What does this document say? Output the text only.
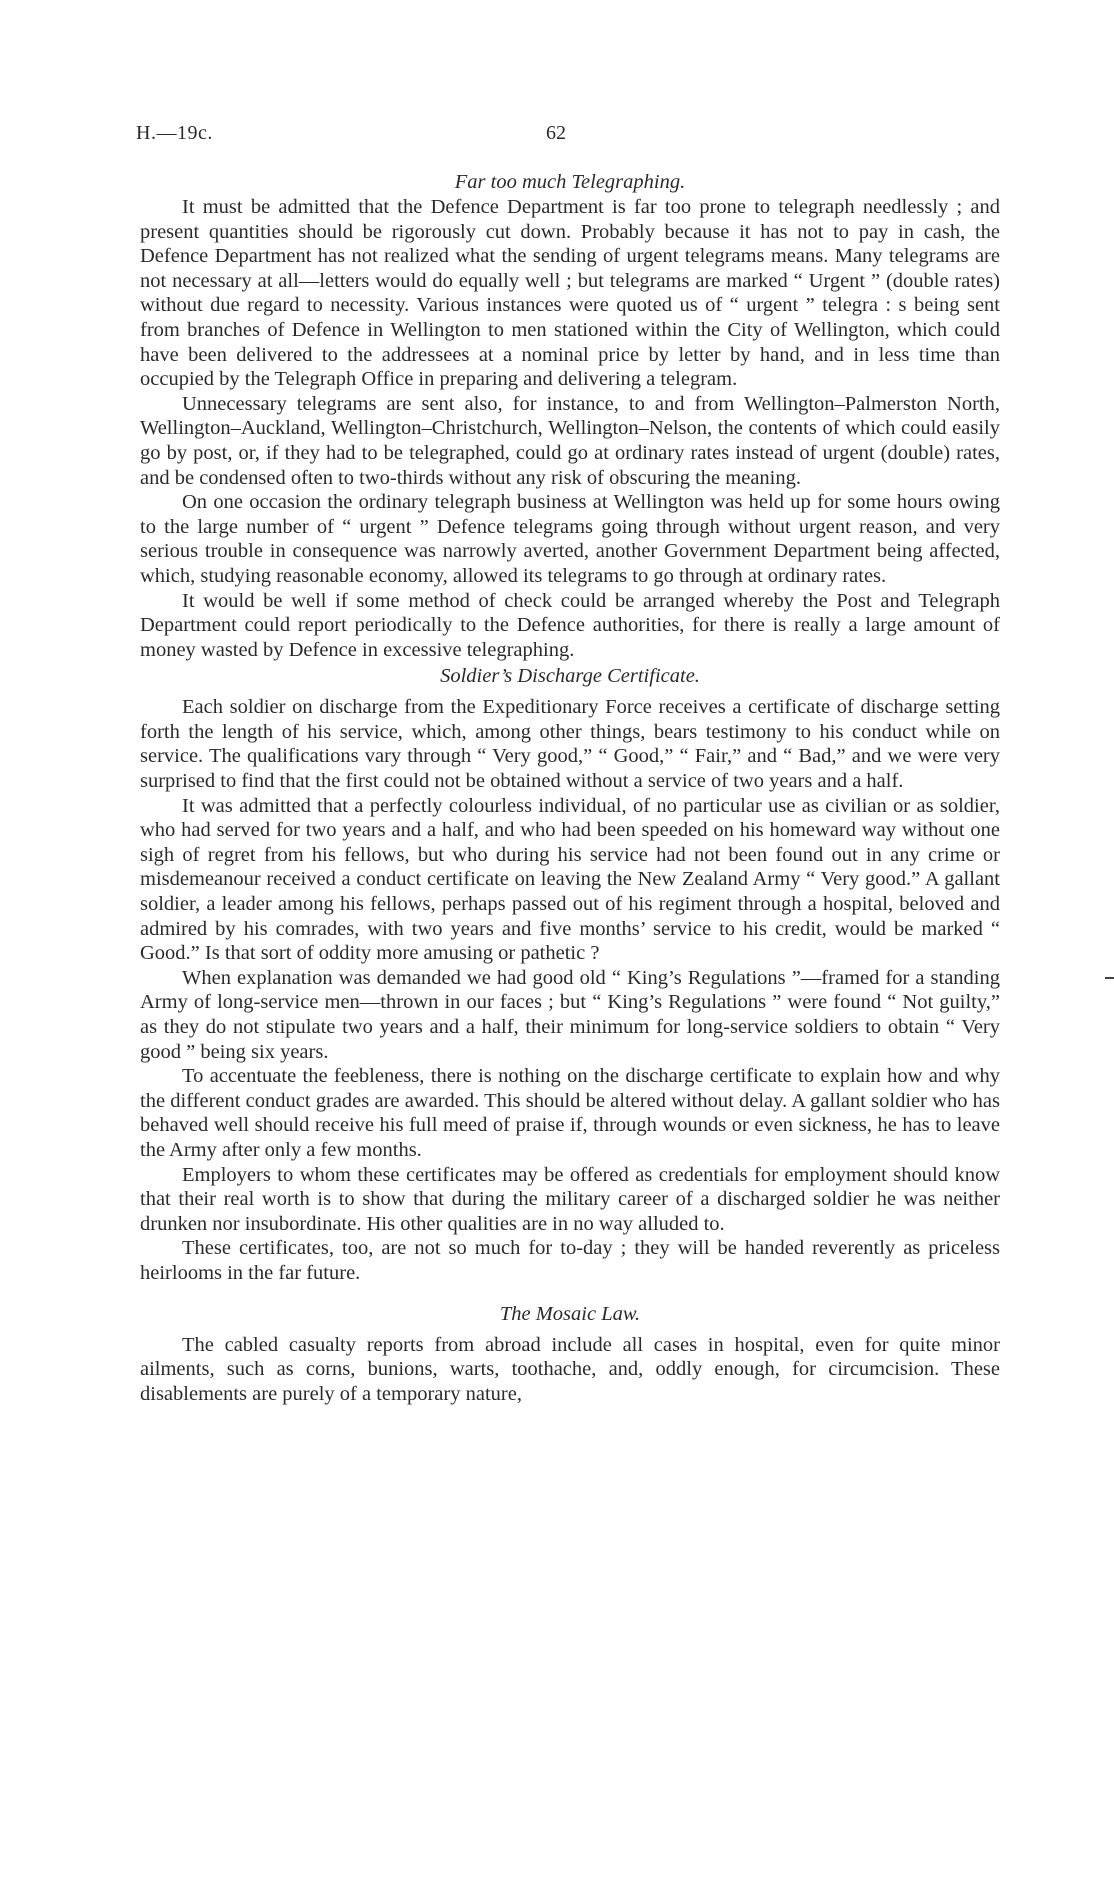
H.—19c.	62
Far too much Telegraphing.

It must be admitted that the Defence Department is far too prone to telegraph needlessly ; and present quantities should be rigorously cut down. Probably because it has not to pay in cash, the Defence Department has not realized what the sending of urgent telegrams means. Many telegrams are not necessary at all—letters would do equally well ; but telegrams are marked “ Urgent ” (double rates) without due regard to necessity. Various instances were quoted us of “ urgent ” telegra : s being sent from branches of Defence in Wellington to men stationed within the City of Wellington, which could have been delivered to the addressees at a nominal price by letter by hand, and in less time than occupied by the Telegraph Office in preparing and delivering a telegram.

Unnecessary telegrams are sent also, for instance, to and from Wellington–Palmerston North, Wellington–Auckland, Wellington–Christchurch, Wellington–Nelson, the contents of which could easily go by post, or, if they had to be telegraphed, could go at ordinary rates instead of urgent (double) rates, and be condensed often to two-thirds without any risk of obscuring the meaning.

On one occasion the ordinary telegraph business at Wellington was held up for some hours owing to the large number of “ urgent ” Defence telegrams going through without urgent reason, and very serious trouble in consequence was narrowly averted, another Government Department being affected, which, studying reasonable economy, allowed its telegrams to go through at ordinary rates.

It would be well if some method of check could be arranged whereby the Post and Telegraph Department could report periodically to the Defence authorities, for there is really a large amount of money wasted by Defence in excessive telegraphing.

Soldier’s Discharge Certificate.

Each soldier on discharge from the Expeditionary Force receives a certificate of discharge setting forth the length of his service, which, among other things, bears testimony to his conduct while on service. The qualifications vary through “ Very good,” “ Good,” “ Fair,” and “ Bad,” and we were very surprised to find that the first could not be obtained without a service of two years and a half.

It was admitted that a perfectly colourless individual, of no particular use as civilian or as soldier, who had served for two years and a half, and who had been speeded on his homeward way without one sigh of regret from his fellows, but who during his service had not been found out in any crime or misdemeanour received a conduct certificate on leaving the New Zealand Army “ Very good.” A gallant soldier, a leader among his fellows, perhaps passed out of his regiment through a hospital, beloved and admired by his comrades, with two years and five months’ service to his credit, would be marked “ Good.” Is that sort of oddity more amusing or pathetic ?

When explanation was demanded we had good old “ King’s Regulations ”—framed for a standing Army of long-service men—thrown in our faces ; but “ King’s Regulations ” were found “ Not guilty,” as they do not stipulate two years and a half, their minimum for long-service soldiers to obtain “ Very good ” being six years.

To accentuate the feebleness, there is nothing on the discharge certificate to explain how and why the different conduct grades are awarded. This should be altered without delay. A gallant soldier who has behaved well should receive his full meed of praise if, through wounds or even sickness, he has to leave the Army after only a few months.

Employers to whom these certificates may be offered as credentials for employment should know that their real worth is to show that during the military career of a discharged soldier he was neither drunken nor insubordinate. His other qualities are in no way alluded to.

These certificates, too, are not so much for to-day ; they will be handed reverently as priceless heirlooms in the far future.

The Mosaic Law.

The cabled casualty reports from abroad include all cases in hospital, even for quite minor ailments, such as corns, bunions, warts, toothache, and, oddly enough, for circumcision. These disablements are purely of a temporary nature,
